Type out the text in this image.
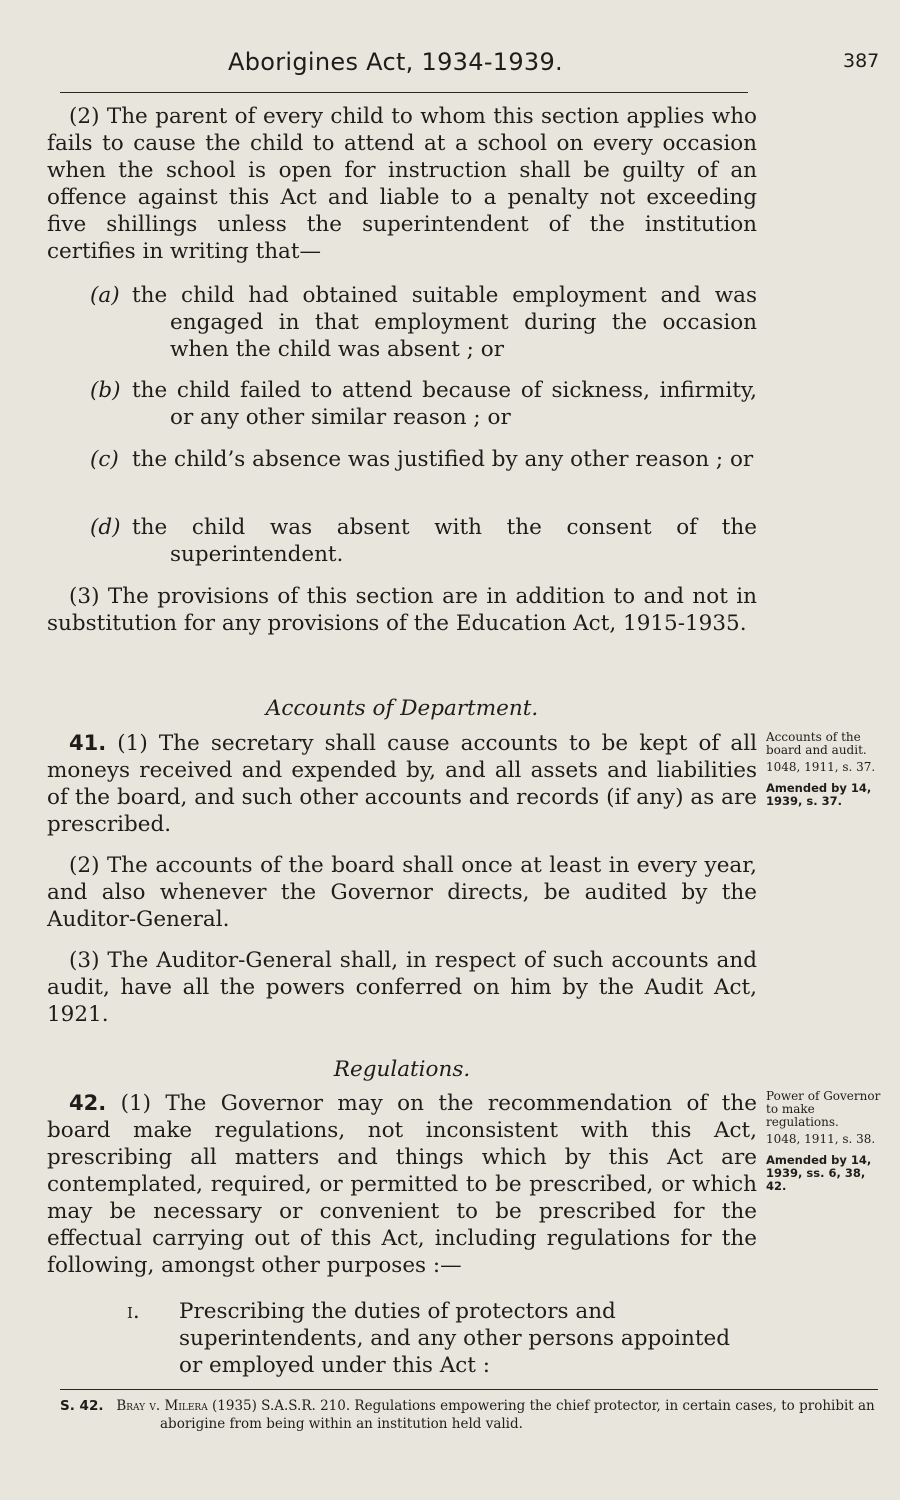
Aborigines Act, 1934-1939.	387

(2) The parent of every child to whom this section applies who fails to cause the child to attend at a school on every occasion when the school is open for instruction shall be guilty of an offence against this Act and liable to a penalty not exceeding five shillings unless the superintendent of the institution certifies in writing that—

(a) the child had obtained suitable employment and was engaged in that employment during the occasion when the child was absent ; or
(b) the child failed to attend because of sickness, infirmity, or any other similar reason ; or
(c) the child’s absence was justified by any other reason ; or
(d) the child was absent with the consent of the superintendent.

(3) The provisions of this section are in addition to and not in substitution for any provisions of the Education Act, 1915-1935.

Accounts of Department.

41. (1) The secretary shall cause accounts to be kept of all moneys received and expended by, and all assets and liabilities of the board, and such other accounts and records (if any) as are prescribed.

Accounts of the board and audit.
1048, 1911, s. 37.
Amended by 14, 1939, s. 37.

(2) The accounts of the board shall once at least in every year, and also whenever the Governor directs, be audited by the Auditor-General.

(3) The Auditor-General shall, in respect of such accounts and audit, have all the powers conferred on him by the Audit Act, 1921.

Regulations.

42. (1) The Governor may on the recommendation of the board make regulations, not inconsistent with this Act, prescribing all matters and things which by this Act are contemplated, required, or permitted to be prescribed, or which may be necessary or convenient to be prescribed for the effectual carrying out of this Act, including regulations for the following, amongst other purposes :—

Power of Governor to make regulations.
1048, 1911, s. 38.
Amended by 14, 1939, ss. 6, 38, 42.
i. Prescribing the duties of protectors and superintendents, and any other persons appointed or employed under this Act :
S. 42. Bray v. Milera (1935) S.A.S.R. 210. Regulations empowering the chief protector, in certain cases, to prohibit an aborigine from being within an institution held valid.
